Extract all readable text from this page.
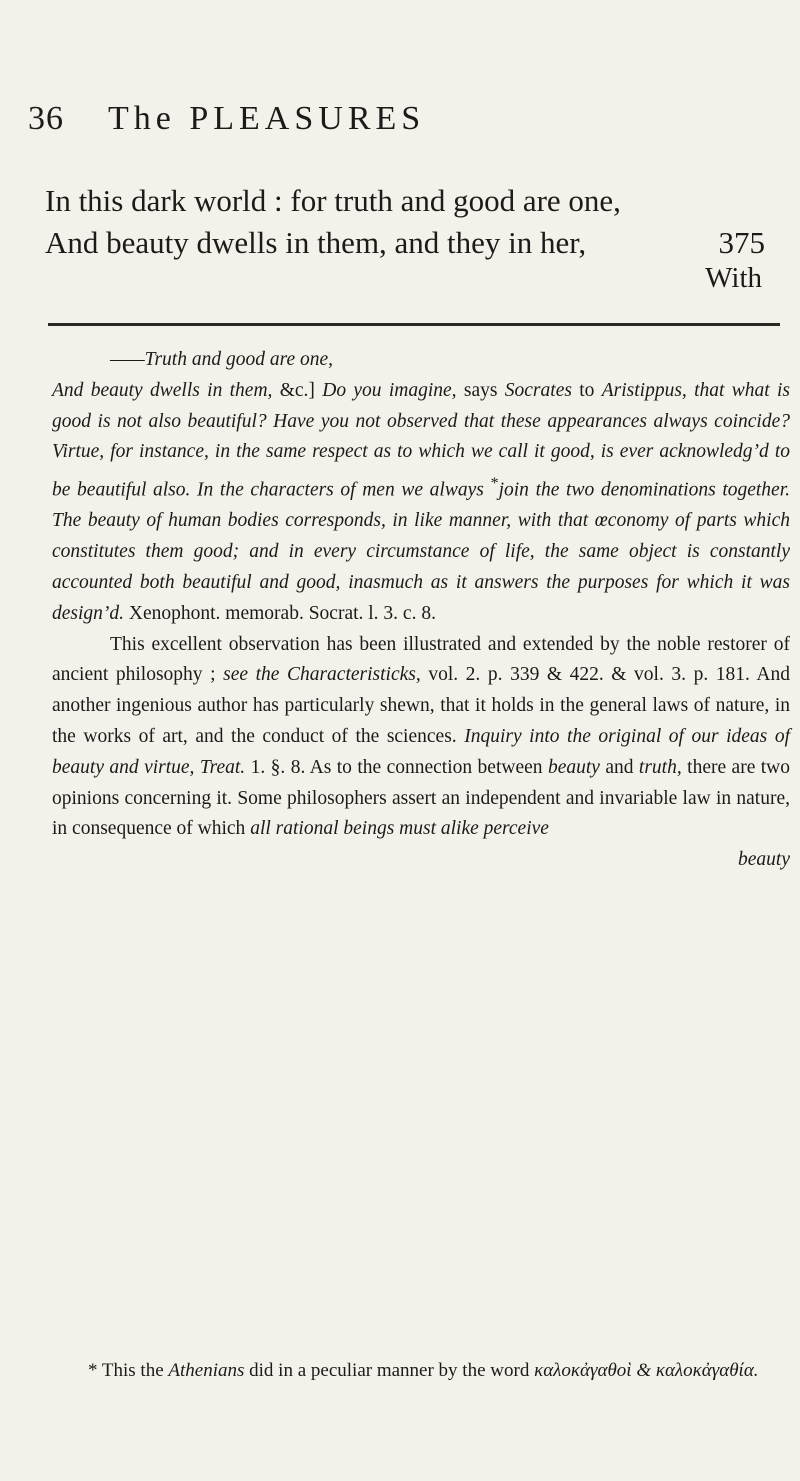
36 The PLEASURES
In this dark world : for truth and good are one,
And beauty dwells in them, and they in her,	375
With

——Truth and good are one,
And beauty dwells in them, &c.] Do you imagine, says Socrates to Aristippus, that what is good is not also beautiful? Have you not observed that these appearances always coincide? Virtue, for instance, in the same respect as to which we call it good, is ever acknowledg’d to be beautiful also. In the characters of men we always *join the two denominations together. The beauty of human bodies corresponds, in like manner, with that œconomy of parts which constitutes them good; and in every circumstance of life, the same object is constantly accounted both beautiful and good, inasmuch as it answers the purposes for which it was design’d. Xenophont. memorab. Socrat. l. 3. c. 8.

This excellent observation has been illustrated and extended by the noble restorer of ancient philosophy ; see the Characteristicks, vol. 2. p. 339 & 422. & vol. 3. p. 181. And another ingenious author has particularly shewn, that it holds in the general laws of nature, in the works of art, and the conduct of the sciences. Inquiry into the original of our ideas of beauty and virtue, Treat. 1. §. 8. As to the connection between beauty and truth, there are two opinions concerning it. Some philosophers assert an independent and invariable law in nature, in consequence of which all rational beings must alike perceive
beauty

* This the Athenians did in a peculiar manner by the word καλοκἀγαθοὶ & καλοκἀγαθία.
